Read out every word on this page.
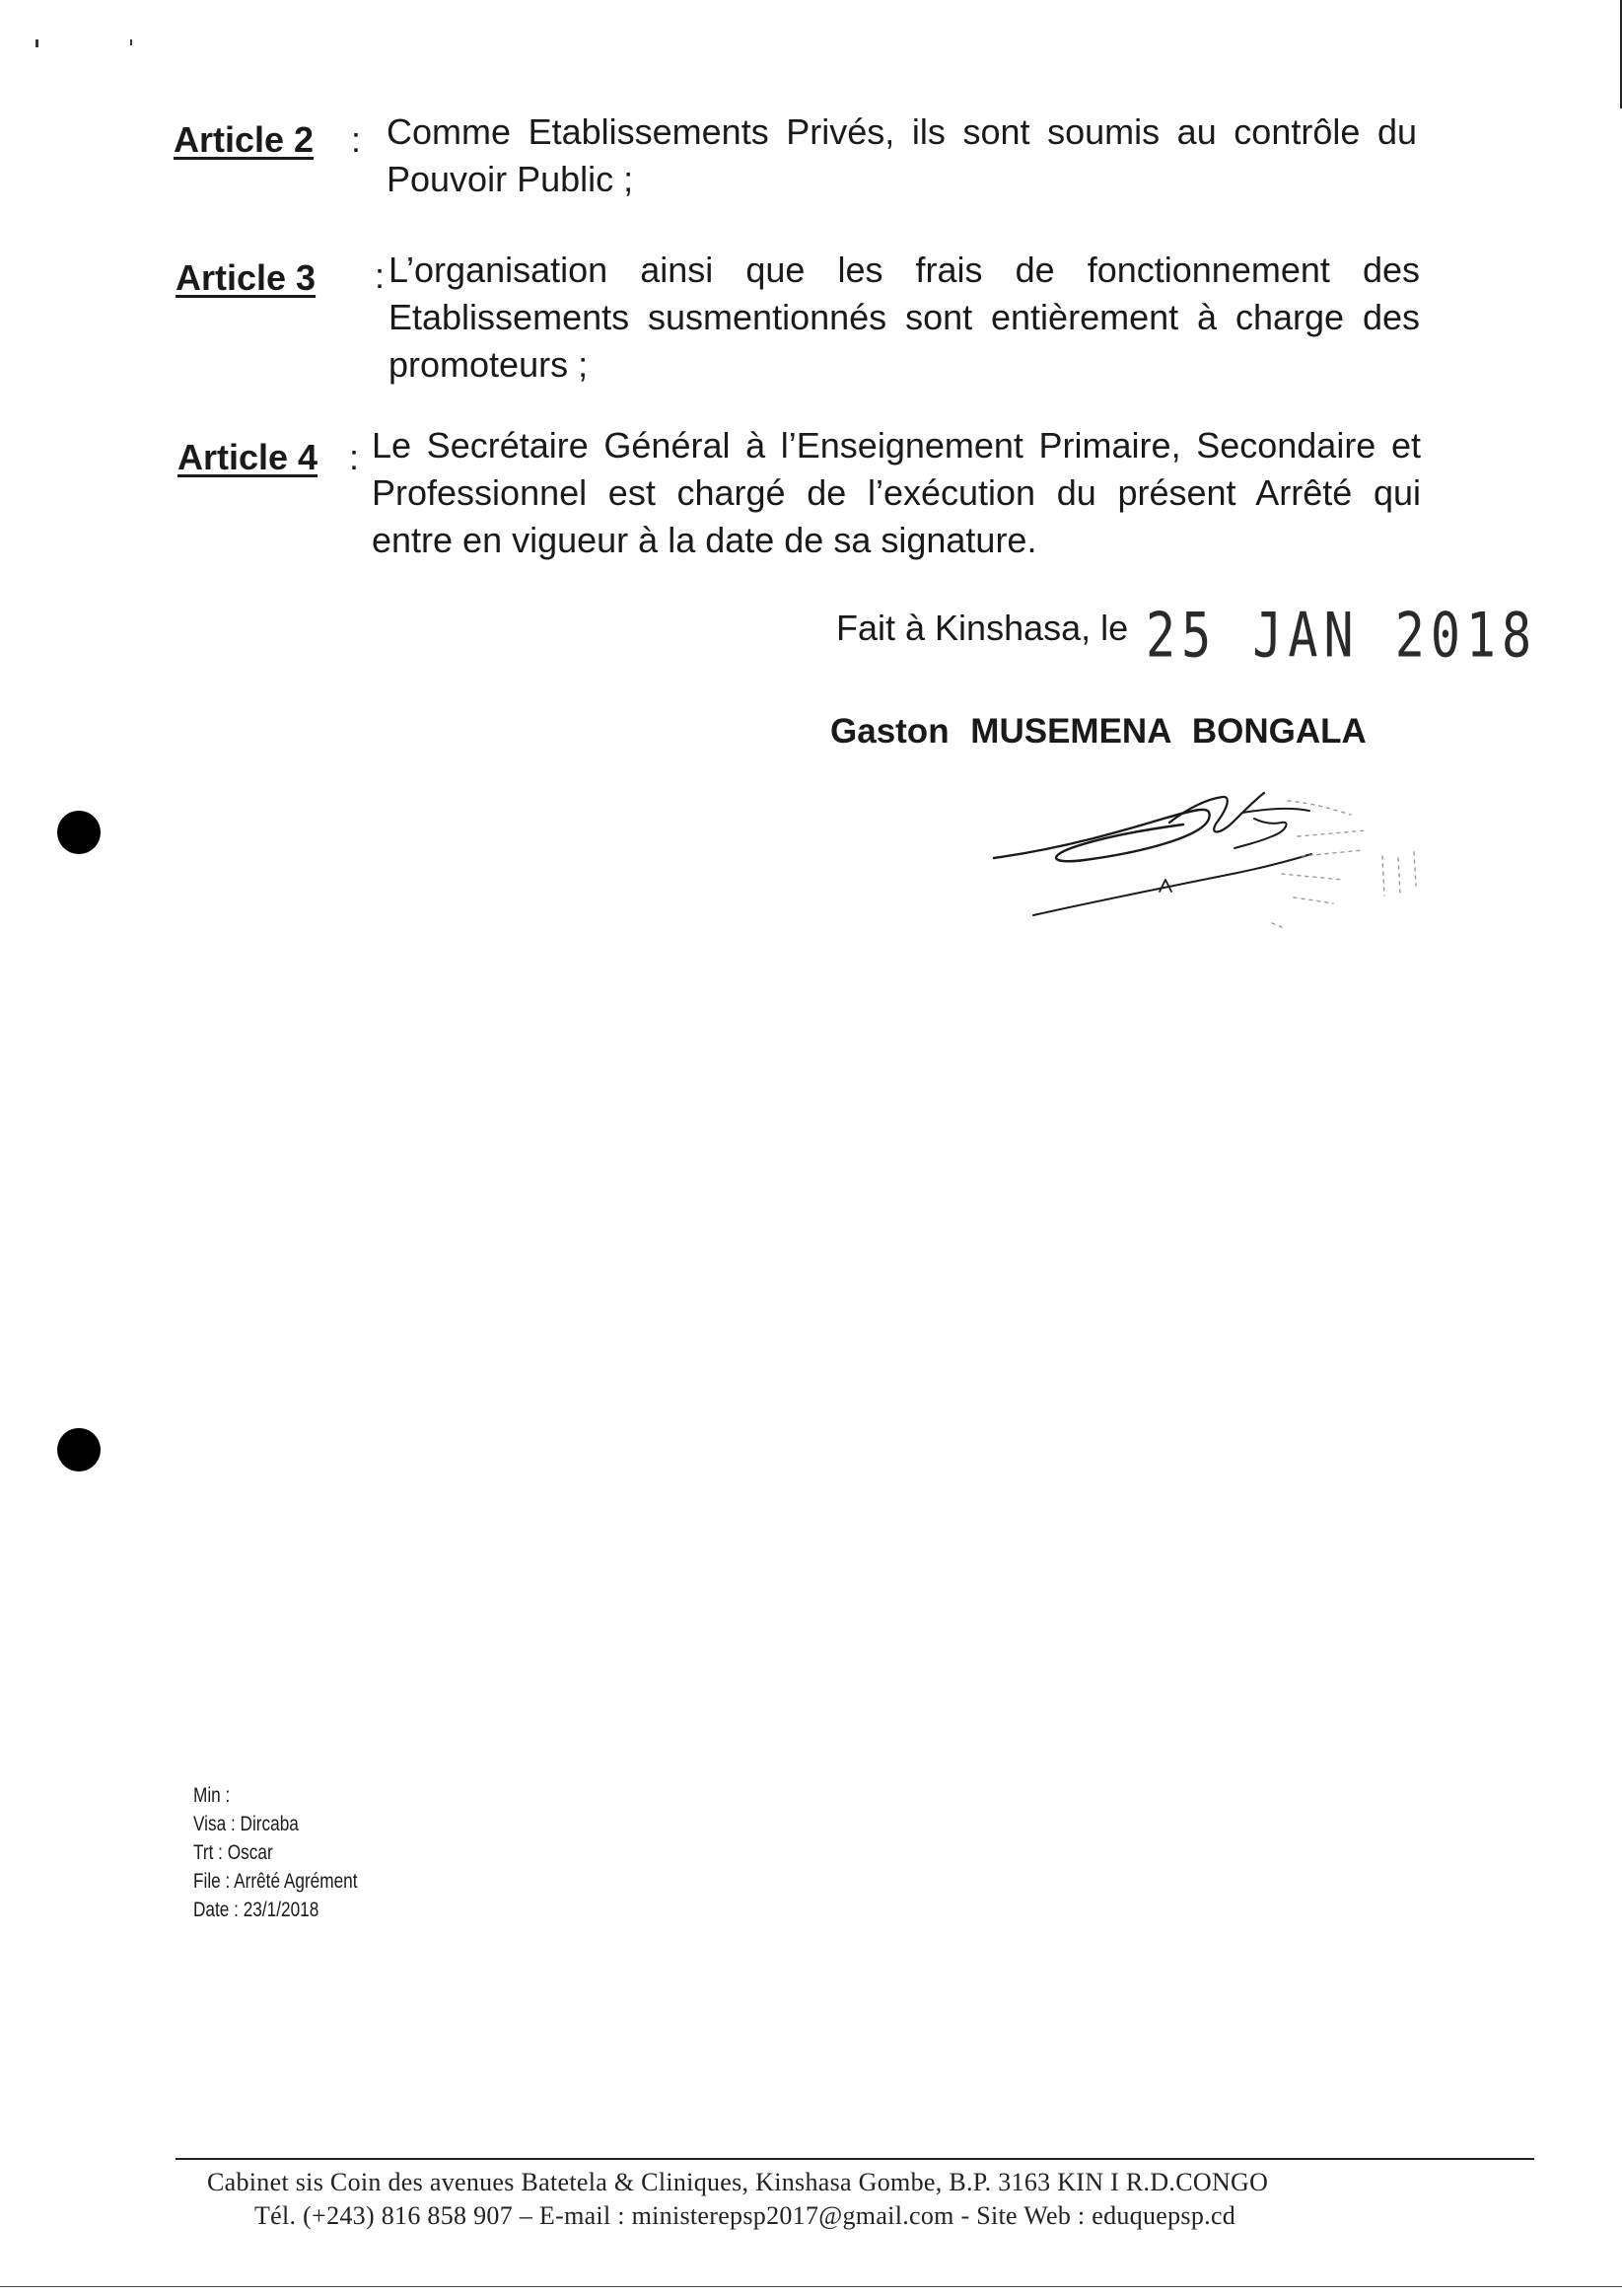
Article 2 : Comme Etablissements Privés, ils sont soumis au contrôle du
Pouvoir Public ;
Article 3 : L’organisation ainsi que les frais de fonctionnement des
Etablissements susmentionnés sont entièrement à charge des
promoteurs ;
Article 4 : Le Secrétaire Général à l’Enseignement Primaire, Secondaire et
Professionnel est chargé de l’exécution du présent Arrêté qui
entre en vigueur à la date de sa signature.
Fait à Kinshasa, le 25 JAN 2018
Gaston MUSEMENA BONGALA
Min :
Visa : Dircaba
Trt : Oscar
File : Arrêté Agrément
Date : 23/1/2018
Cabinet sis Coin des avenues Batetela & Cliniques, Kinshasa Gombe, B.P. 3163 KIN I R.D.CONGO
Tél. (+243) 816 858 907 – E-mail : ministerepsp2017@gmail.com - Site Web : eduquepsp.cd
